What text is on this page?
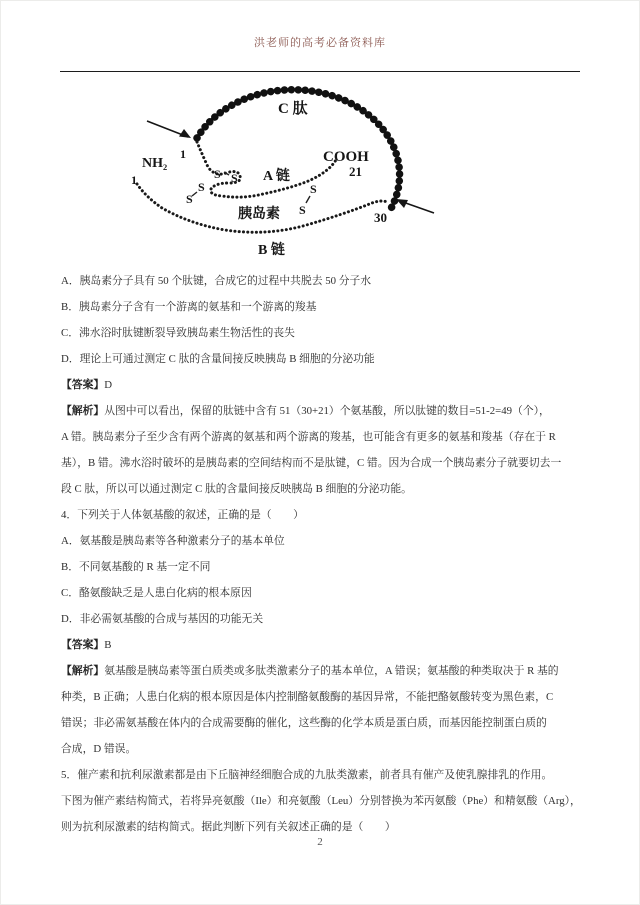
洪老师的高考必备资料库
C 肽
NH₂
1
1	A 链
COOH
21
胰岛素
B 链
30
S S
S
S
S
S

A．胰岛素分子具有 50 个肽键，合成它的过程中共脱去 50 分子水

B．胰岛素分子含有一个游离的氨基和一个游离的羧基

C．沸水浴时肽键断裂导致胰岛素生物活性的丧失

D．理论上可通过测定 C 肽的含量间接反映胰岛 B 细胞的分泌功能

【答案】D

【解析】从图中可以看出，保留的肽链中含有 51（30+21）个氨基酸，所以肽键的数目=51-2=49（个），

A 错。胰岛素分子至少含有两个游离的氨基和两个游离的羧基，也可能含有更多的氨基和羧基（存在于 R

基），B 错。沸水浴时破坏的是胰岛素的空间结构而不是肽键，C 错。因为合成一个胰岛素分子就要切去一

段 C 肽，所以可以通过测定 C 肽的含量间接反映胰岛 B 细胞的分泌功能。

4．下列关于人体氨基酸的叙述，正确的是（　　）

A．氨基酸是胰岛素等各种激素分子的基本单位

B．不同氨基酸的 R 基一定不同

C．酪氨酸缺乏是人患白化病的根本原因

D．非必需氨基酸的合成与基因的功能无关

【答案】B

【解析】氨基酸是胰岛素等蛋白质类或多肽类激素分子的基本单位，A 错误；氨基酸的种类取决于 R 基的

种类，B 正确；人患白化病的根本原因是体内控制酪氨酸酶的基因异常，不能把酪氨酸转变为黑色素，C

错误；非必需氨基酸在体内的合成需要酶的催化，这些酶的化学本质是蛋白质，而基因能控制蛋白质的

合成，D 错误。

5．催产素和抗利尿激素都是由下丘脑神经细胞合成的九肽类激素，前者具有催产及使乳腺排乳的作用。

下图为催产素结构简式，若将异亮氨酸（Ile）和亮氨酸（Leu）分别替换为苯丙氨酸（Phe）和精氨酸（Arg），

则为抗利尿激素的结构简式。据此判断下列有关叙述正确的是（　　）

2
